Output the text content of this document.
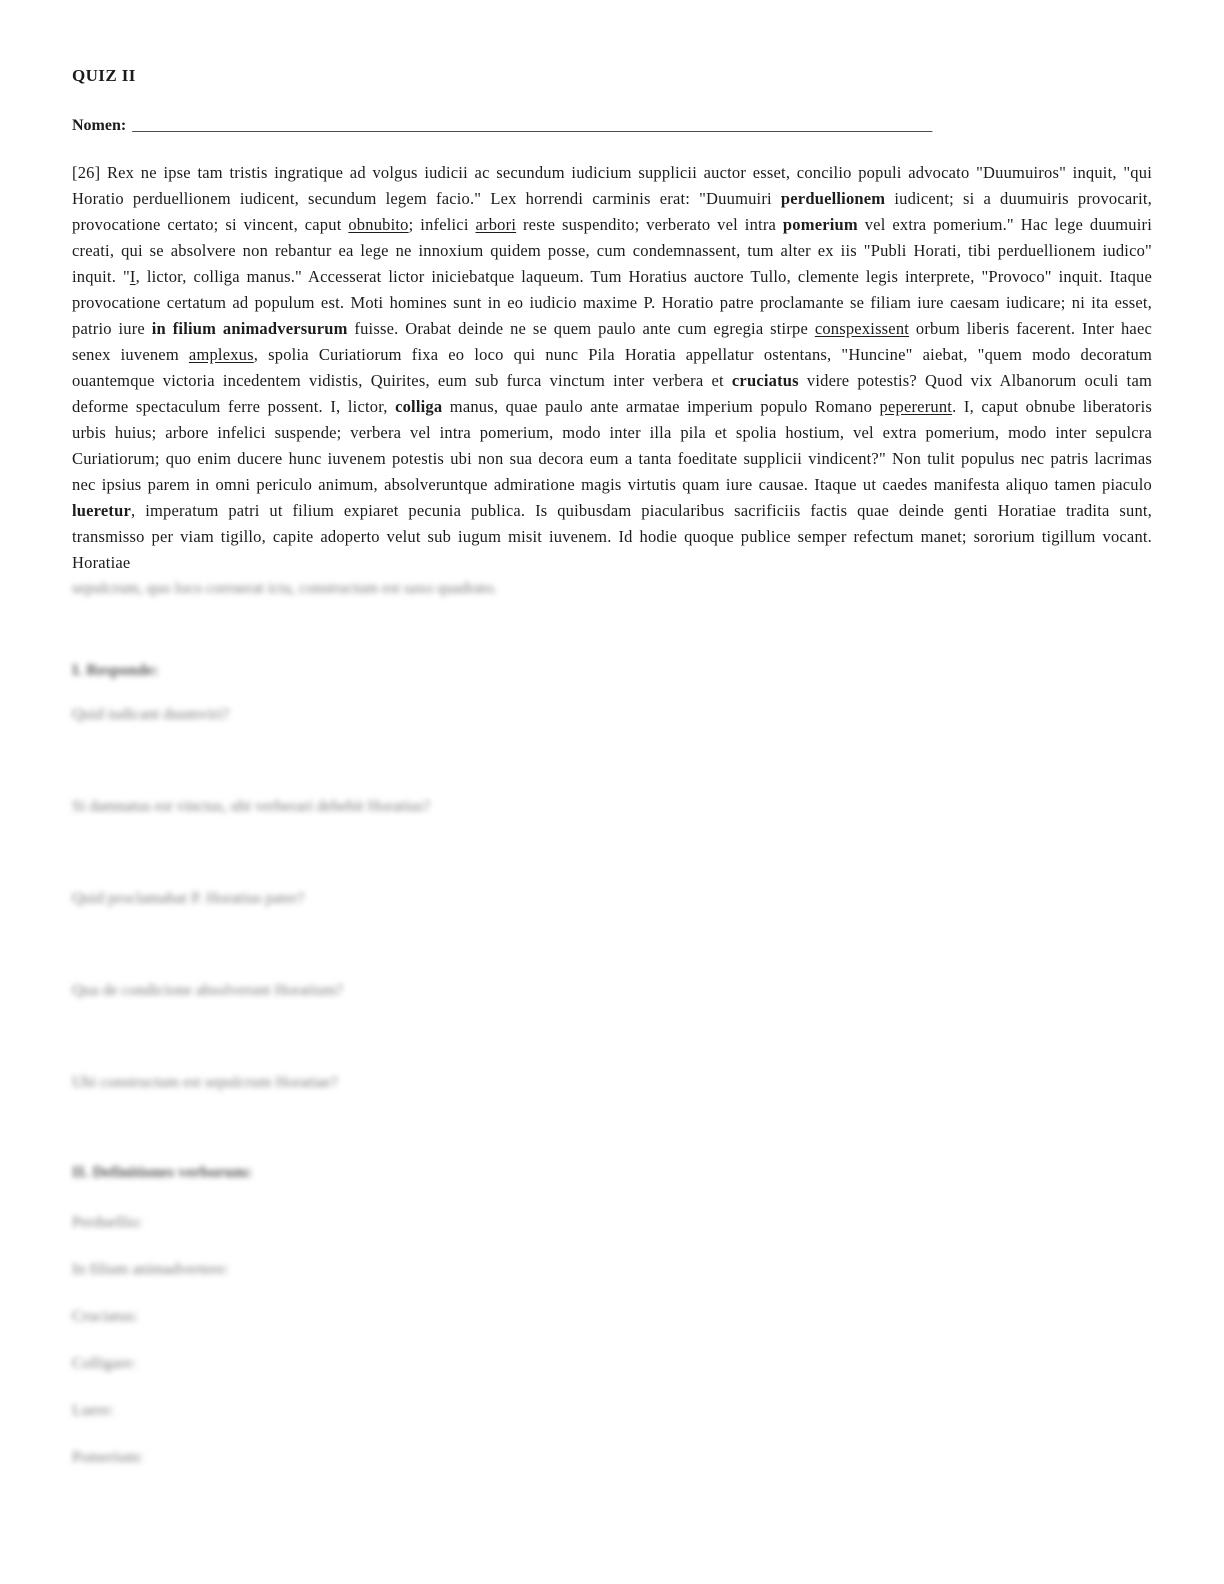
QUIZ II
Nomen: ____________________________________________________________________________________________________

[26] Rex ne ipse tam tristis ingratique ad volgus iudicii ac secundum iudicium supplicii auctor esset, concilio populi advocato "Duumuiros" inquit, "qui Horatio perduellionem iudicent, secundum legem facio." Lex horrendi carminis erat: "Duumuiri perduellionem iudicent; si a duumuiris provocarit, provocatione certato; si vincent, caput obnubito; infelici arbori reste suspendito; verberato vel intra pomerium vel extra pomerium." Hac lege duumuiri creati, qui se absolvere non rebantur ea lege ne innoxium quidem posse, cum condemnassent, tum alter ex iis "Publi Horati, tibi perduellionem iudico" inquit. "I, lictor, colliga manus." Accesserat lictor iniciebatque laqueum. Tum Horatius auctore Tullo, clemente legis interprete, "Provoco" inquit. Itaque provocatione certatum ad populum est. Moti homines sunt in eo iudicio maxime P. Horatio patre proclamante se filiam iure caesam iudicare; ni ita esset, patrio iure in filium animadversurum fuisse. Orabat deinde ne se quem paulo ante cum egregia stirpe conspexissent orbum liberis facerent. Inter haec senex iuvenem amplexus, spolia Curiatiorum fixa eo loco qui nunc Pila Horatia appellatur ostentans, "Huncine" aiebat, "quem modo decoratum ouantemque victoria incedentem vidistis, Quirites, eum sub furca vinctum inter verbera et cruciatus videre potestis? Quod vix Albanorum oculi tam deforme spectaculum ferre possent. I, lictor, colliga manus, quae paulo ante armatae imperium populo Romano pepererunt. I, caput obnube liberatoris urbis huius; arbore infelici suspende; verbera vel intra pomerium, modo inter illa pila et spolia hostium, vel extra pomerium, modo inter sepulcra Curiatiorum; quo enim ducere hunc iuvenem potestis ubi non sua decora eum a tanta foeditate supplicii vindicent?" Non tulit populus nec patris lacrimas nec ipsius parem in omni periculo animum, absolveruntque admiratione magis virtutis quam iure causae. Itaque ut caedes manifesta aliquo tamen piaculo lueretur, imperatum patri ut filium expiaret pecunia publica. Is quibusdam piacularibus sacrificiis factis quae deinde genti Horatiae tradita sunt, transmisso per viam tigillo, capite adoperto velut sub iugum misit iuvenem. Id hodie quoque publice semper refectum manet; sororium tigillum vocant. Horatiae

sepulcrum, quo loco corruerat icta, constructum est saxo quadrato.
I. Responde:
Quid iudicant duumviri?
Si damnatus est vinctus, ubi verberari debebit Horatius?
Quid proclamabat P. Horatius pater?
Qua de condicione absolverunt Horatium?
Ubi constructum est sepulcrum Horatiae?
II. Definitiones verborum:
Perduellio:
In filium animadvertere:
Cruciatus:
Colligare:
Luere:
Pomerium:
